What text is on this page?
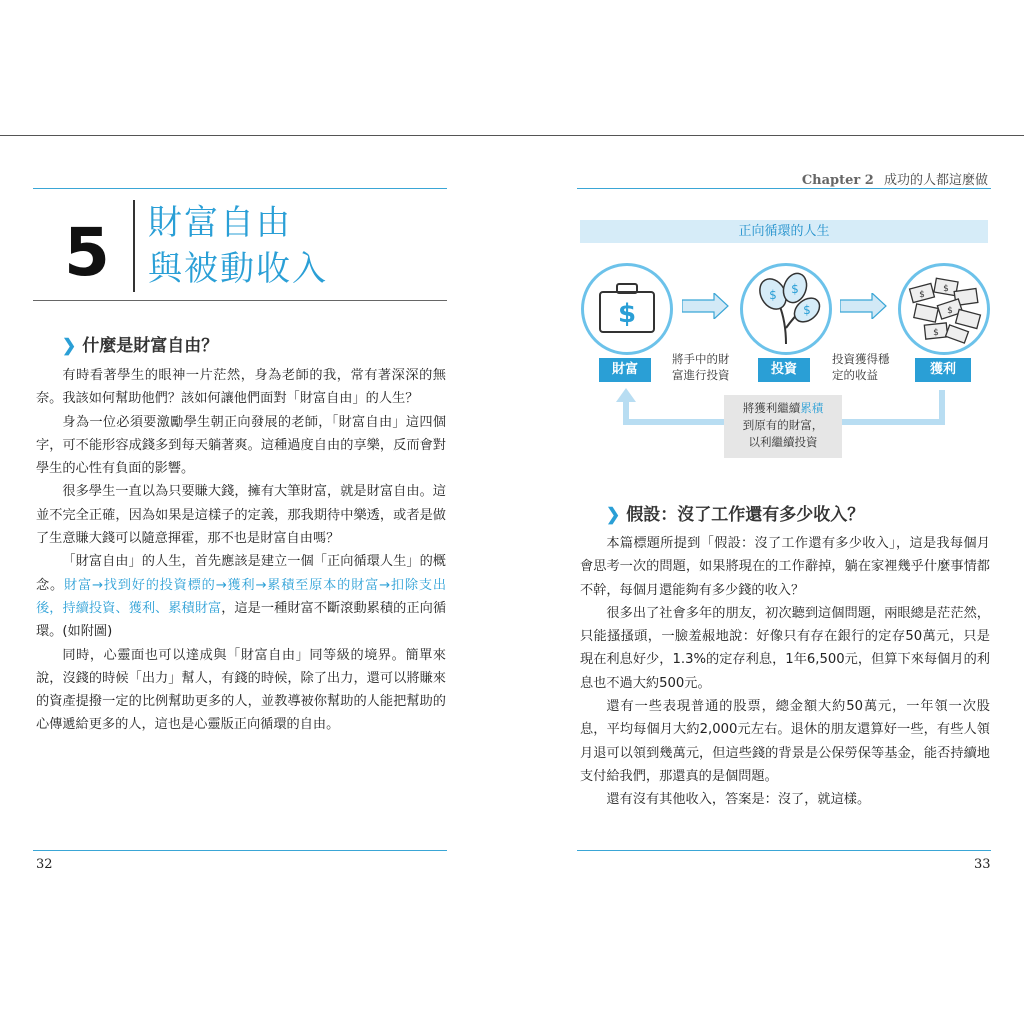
5 財富自由
與被動收入
❯ 什麼是財富自由？

有時看著學生的眼神一片茫然，身為老師的我，常有著深深的無奈。我該如何幫助他們？該如何讓他們面對「財富自由」的人生？

身為一位必須要激勵學生朝正向發展的老師，「財富自由」這四個字，可不能形容成錢多到每天躺著爽。這種過度自由的享樂，反而會對學生的心性有負面的影響。

很多學生一直以為只要賺大錢，擁有大筆財富，就是財富自由。這並不完全正確，因為如果是這樣子的定義，那我期待中樂透，或者是做了生意賺大錢可以隨意揮霍，那不也是財富自由嗎？

「財富自由」的人生，首先應該是建立一個「正向循環人生」的概念。財富→找到好的投資標的→獲利→累積至原本的財富→扣除支出後，持續投資、獲利、累積財富，這是一種財富不斷滾動累積的正向循環。(如附圖)

同時，心靈面也可以達成與「財富自由」同等級的境界。簡單來說，沒錢的時候「出力」幫人，有錢的時候，除了出力，還可以將賺來的資產提撥一定的比例幫助更多的人，並教導被你幫助的人能把幫助的心傳遞給更多的人，這也是心靈版正向循環的自由。

32
Chapter 2 成功的人都這麼做
正向循環的人生
$
$ $
$
$
$
$
$
財富	投資	獲利
將手中的財
富進行投資
投資獲得穩
定的收益
將獲利繼續累積
到原有的財富，
以利繼續投資
❯ 假設：沒了工作還有多少收入？

本篇標題所提到「假設：沒了工作還有多少收入」，這是我每個月會思考一次的問題，如果將現在的工作辭掉，躺在家裡幾乎什麼事情都不幹，每個月還能夠有多少錢的收入？

很多出了社會多年的朋友，初次聽到這個問題，兩眼總是茫茫然，只能搔搔頭，一臉羞赧地說：好像只有存在銀行的定存50萬元，只是現在利息好少，1.3%的定存利息，1年6,500元，但算下來每個月的利息也不過大約500元。

還有一些表現普通的股票，總金額大約50萬元，一年領一次股息，平均每個月大約2,000元左右。退休的朋友還算好一些，有些人領月退可以領到幾萬元，但這些錢的背景是公保勞保等基金，能否持續地支付給我們，那還真的是個問題。

還有沒有其他收入，答案是：沒了，就這樣。

33
